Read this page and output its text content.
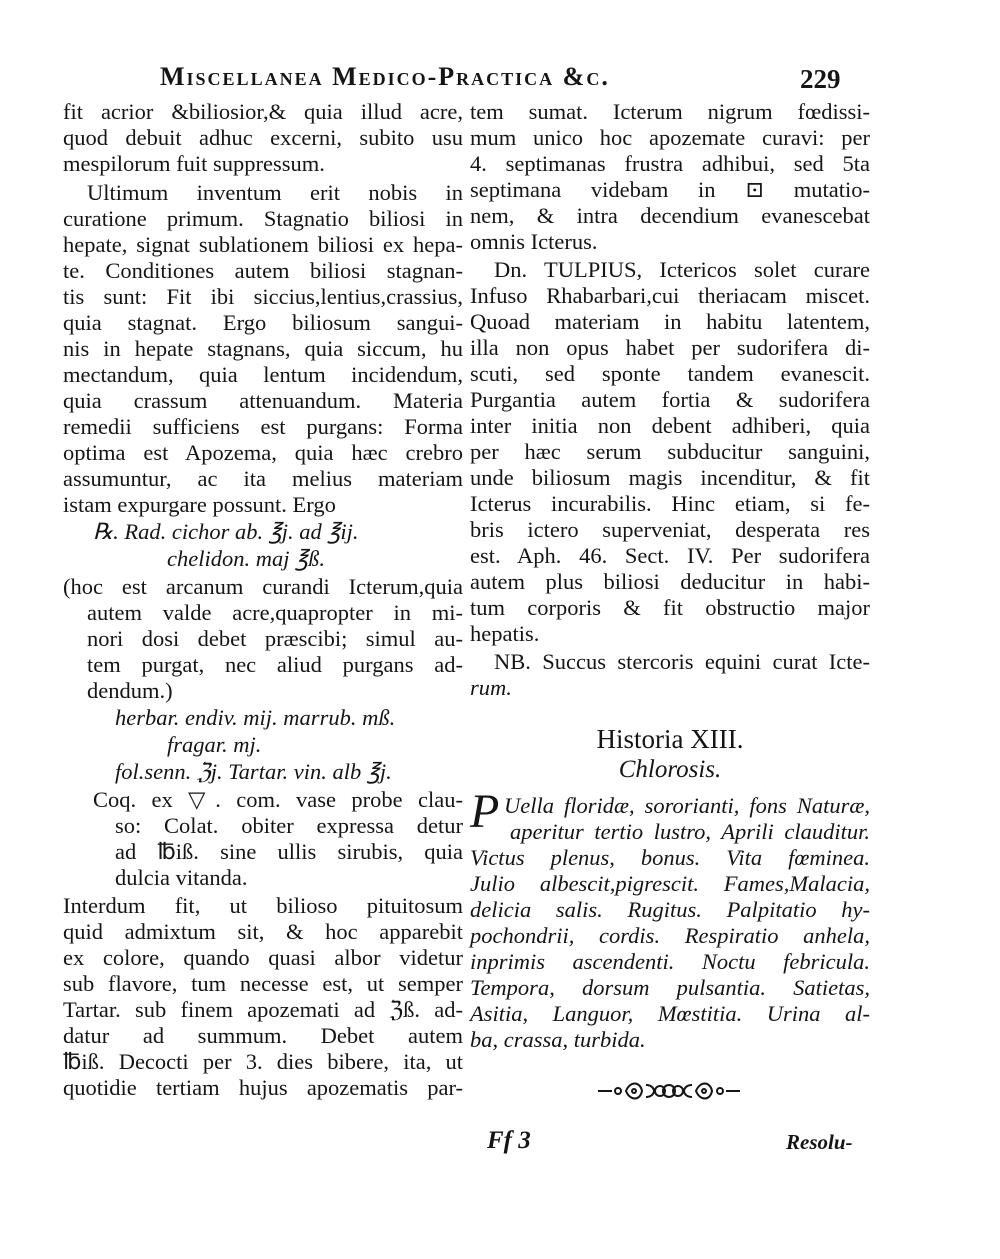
Miscellanea Medico-Practica &c.	229
fit acrior &biliosior,& quia illud acre,
quod debuit adhuc excerni, subito usu
mespilorum fuit suppressum.
Ultimum inventum erit nobis in
curatione primum. Stagnatio biliosi in
hepate, signat sublationem biliosi ex hepa-
te. Conditiones autem biliosi stagnan-
tis sunt: Fit ibi siccius,lentius,crassius,
quia stagnat. Ergo biliosum sangui-
nis in hepate stagnans, quia siccum, hu
mectandum, quia lentum incidendum,
quia crassum attenuandum. Materia
remedii sufficiens est purgans: Forma
optima est Apozema, quia hæc crebro
assumuntur, ac ita melius materiam
istam expurgare possunt. Ergo
℞. Rad. cichor ab. ℥j. ad ℥ij.
chelidon. maj ℥ß.
(hoc est arcanum curandi Icterum,quia
autem valde acre,quapropter in mi-
nori dosi debet præscibi; simul au-
tem purgat, nec aliud purgans ad-
dendum.)
herbar. endiv. mij. marrub. mß.
fragar. mj.
fol.senn. ℨj. Tartar. vin. alb ℥j.
Coq. ex ▽. com. vase probe clau-
so: Colat. obiter expressa detur
ad ℔iß. sine ullis sirubis, quia
dulcia vitanda.
Interdum fit, ut bilioso pituitosum
quid admixtum sit, & hoc apparebit
ex colore, quando quasi albor videtur
sub flavore, tum necesse est, ut semper
Tartar. sub finem apozemati ad ℨß. ad-
datur ad summum. Debet autem
℔iß. Decocti per 3. dies bibere, ita, ut
quotidie tertiam hujus apozematis par-
tem sumat. Icterum nigrum fœdissi-
mum unico hoc apozemate curavi: per
4. septimanas frustra adhibui, sed 5ta
septimana videbam in ⊡ mutatio-
nem, & intra decendium evanescebat
omnis Icterus.
Dn. TULPIUS, Ictericos solet curare
Infuso Rhabarbari,cui theriacam miscet.
Quoad materiam in habitu latentem,
illa non opus habet per sudorifera di-
scuti, sed sponte tandem evanescit.
Purgantia autem fortia & sudorifera
inter initia non debent adhiberi, quia
per hæc serum subducitur sanguini,
unde biliosum magis incenditur, & fit
Icterus incurabilis. Hinc etiam, si fe-
bris ictero superveniat, desperata res
est. Aph. 46. Sect. IV. Per sudorifera
autem plus biliosi deducitur in habi-
tum corporis & fit obstructio major
hepatis.
NB. Succus stercoris equini curat Icte-
rum.
Historia XIII.
Chlorosis.
P Uella floridæ, sororianti, fons Naturæ,
aperitur tertio lustro, Aprili clauditur.
Victus plenus, bonus. Vita fœminea.
Julio albescit,pigrescit. Fames,Malacia,
delicia salis. Rugitus. Palpitatio hy-
pochondrii, cordis. Respiratio anhela,
inprimis ascendenti. Noctu febricula.
Tempora, dorsum pulsantia. Satietas,
Asitia, Languor, Mœstitia. Urina al-
ba, crassa, turbida.
Ff 3	Resolu-
